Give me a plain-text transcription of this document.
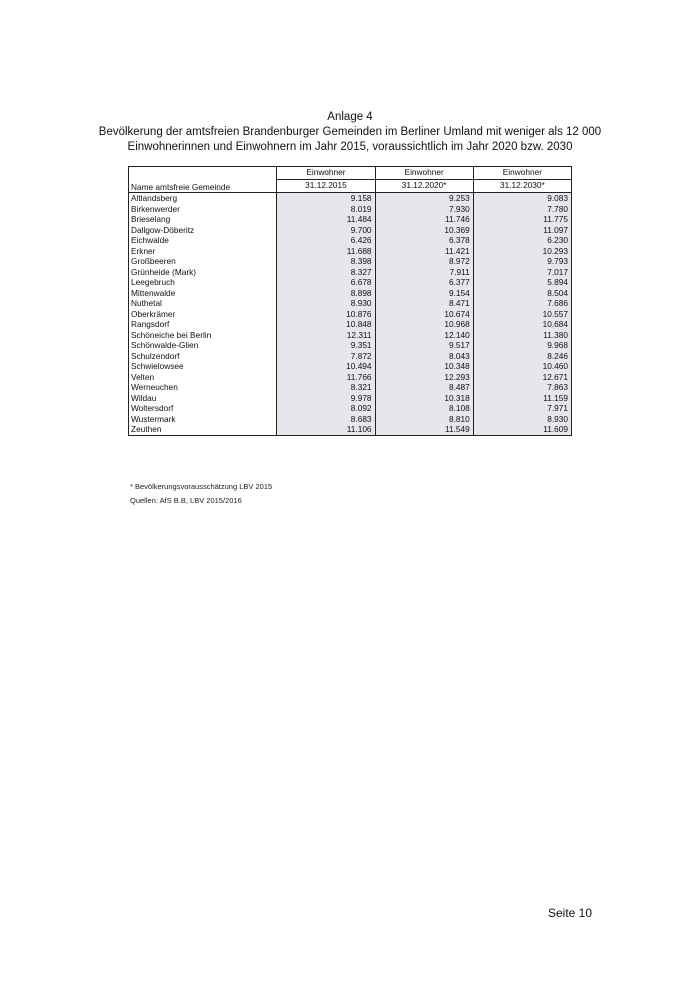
Anlage 4
Bevölkerung der amtsfreien Brandenburger Gemeinden im Berliner Umland mit weniger als 12 000
Einwohnerinnen und Einwohnern im Jahr 2015, voraussichtlich im Jahr 2020 bzw. 2030
Name amtsfreie Gemeinde	Einwohner	Einwohner	Einwohner
	31.12.2015	31.12.2020*	31.12.2030*
Altlandsberg	9.158	9.253	9.083
Birkenwerder	8.019	7.930	7.780
Brieselang	11.484	11.746	11.775
Dallgow-Döberitz	9.700	10.369	11.097
Eichwalde	6.426	6.378	6.230
Erkner	11.688	11.421	10.293
Großbeeren	8.398	8.972	9.793
Grünheide (Mark)	8.327	7.911	7.017
Leegebruch	6.678	6.377	5.894
Mittenwalde	8.898	9.154	8.504
Nuthetal	8.930	8.471	7.686
Oberkrämer	10.876	10.674	10.557
Rangsdorf	10.848	10.968	10.684
Schöneiche bei Berlin	12.311	12.140	11.380
Schönwalde-Glien	9.351	9.517	9.968
Schulzendorf	7.872	8.043	8.246
Schwielowsee	10.494	10.348	10.460
Velten	11.766	12.293	12.671
Werneuchen	8.321	8.487	7.863
Wildau	9.978	10.318	11.159
Woltersdorf	8.092	8.108	7.971
Wustermark	8.683	8.810	8.930
Zeuthen	11.106	11.549	11.609
* Bevölkerungsvorausschätzung LBV 2015
Quellen: AfS B.B, LBV 2015/2016
Seite 10
